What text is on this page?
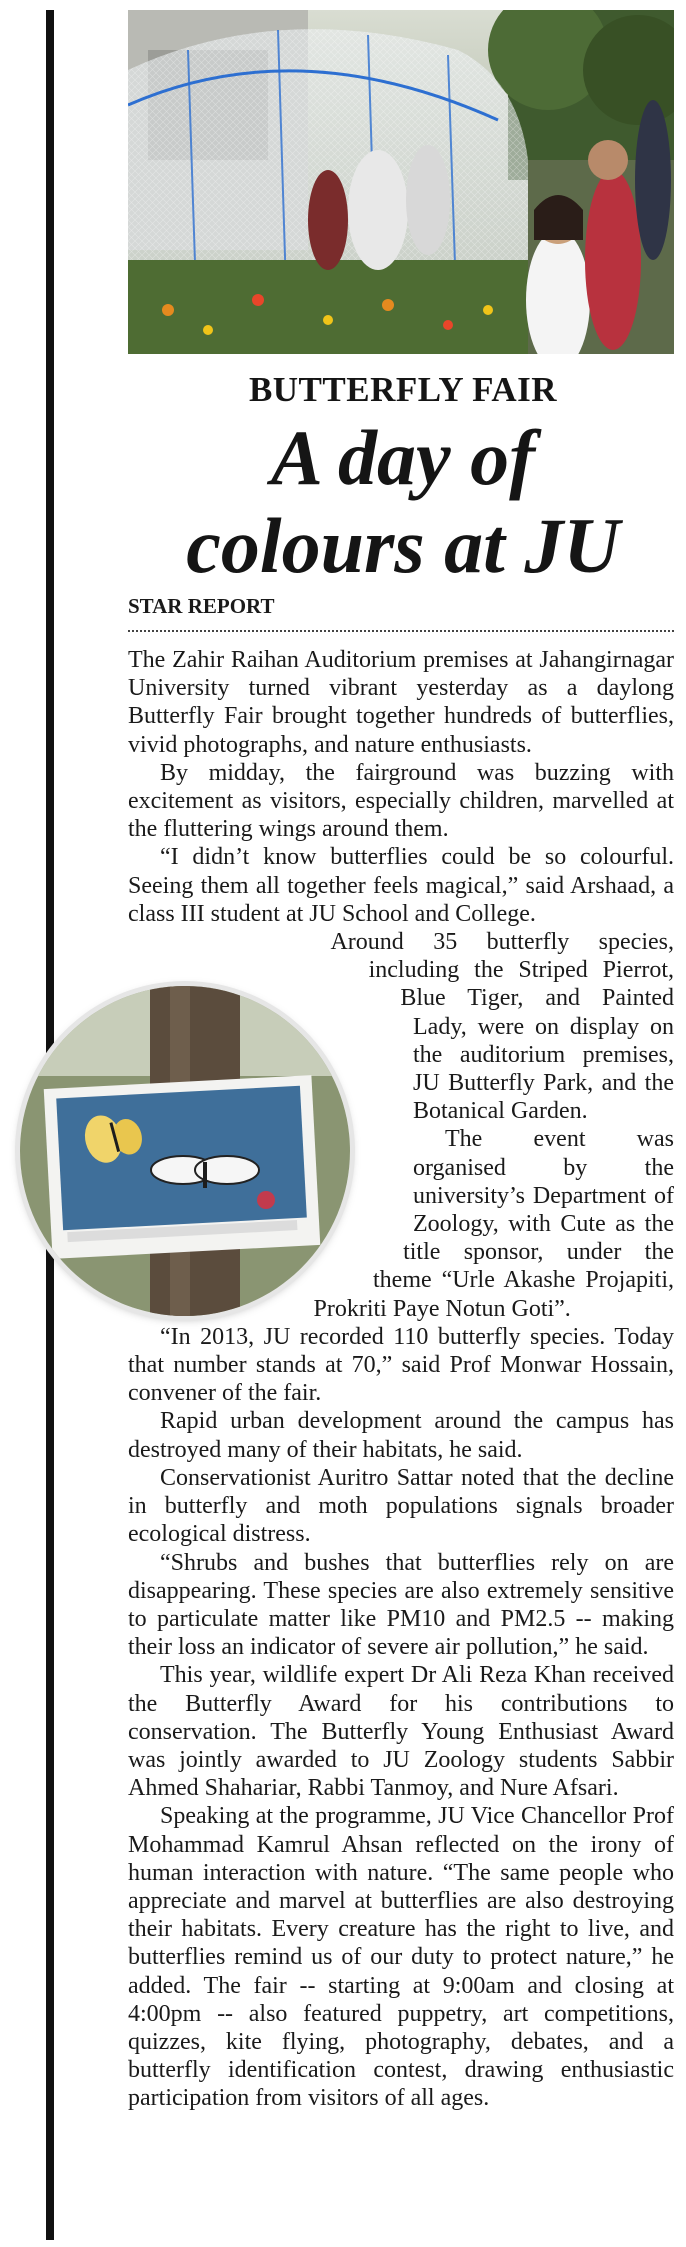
BUTTERFLY FAIR
A day of
colours at JU
STAR REPORT

The Zahir Raihan Auditorium premises at Jahangirnagar University turned vibrant yesterday as a daylong Butterfly Fair brought together hundreds of butterflies, vivid photographs, and nature enthusiasts.

By midday, the fairground was buzzing with excitement as visitors, especially children, marvelled at the fluttering wings around them.

“I didn’t know butterflies could be so colourful. Seeing them all together feels magical,” said Arshaad, a class III student at JU School and College.

Around 35 butterfly species, including the Striped Pierrot, Blue Tiger, and Painted Lady, were on display on the auditorium premises, JU Butterfly Park, and the Botanical Garden.

The event was organised by the university’s Department of Zoology, with Cute as the title sponsor, under the theme “Urle Akashe Projapiti, Prokriti Paye Notun Goti”.

“In 2013, JU recorded 110 butterfly species. Today that number stands at 70,” said Prof Monwar Hossain, convener of the fair.

Rapid urban development around the campus has destroyed many of their habitats, he said.

Conservationist Auritro Sattar noted that the decline in butterfly and moth populations signals broader ecological distress.

“Shrubs and bushes that butterflies rely on are disappearing. These species are also extremely sensitive to particulate matter like PM10 and PM2.5 -- making their loss an indicator of severe air pollution,” he said.

This year, wildlife expert Dr Ali Reza Khan received the Butterfly Award for his contributions to conservation. The Butterfly Young Enthusiast Award was jointly awarded to JU Zoology students Sabbir Ahmed Shahariar, Rabbi Tanmoy, and Nure Afsari.

Speaking at the programme, JU Vice Chancellor Prof Mohammad Kamrul Ahsan reflected on the irony of human interaction with nature. “The same people who appreciate and marvel at butterflies are also destroying their habitats. Every creature has the right to live, and butterflies remind us of our duty to protect nature,” he added. The fair -- starting at 9:00am and closing at 4:00pm -- also featured puppetry, art competitions, quizzes, kite flying, photography, debates, and a butterfly identification contest, drawing enthusiastic participation from visitors of all ages.
